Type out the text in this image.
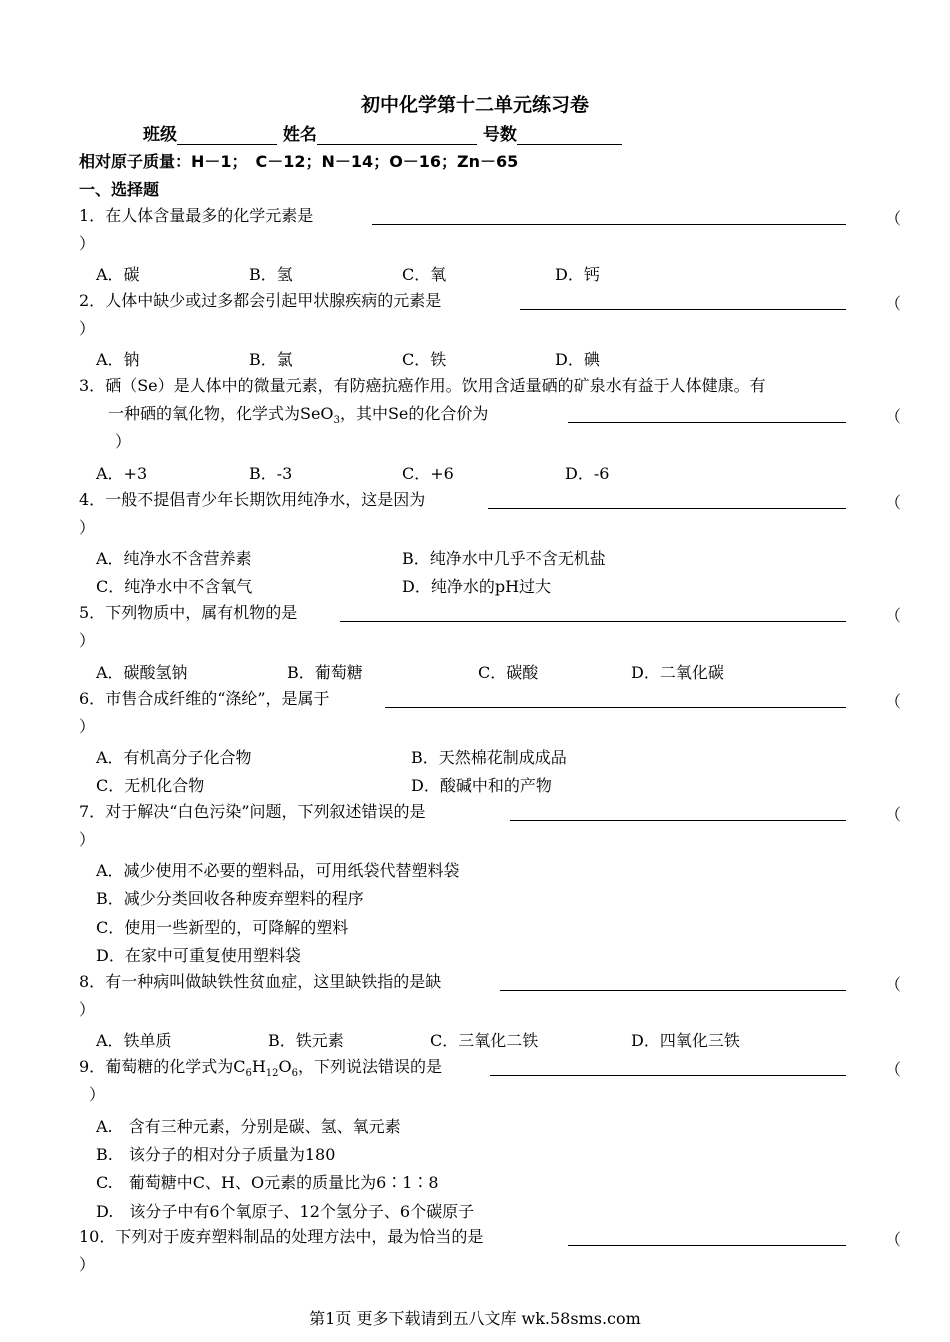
初中化学第十二单元练习卷
班级	姓名	号数
相对原子质量：H－1；　C－12；N－14；O－16；Zn－65
一、选择题
1．在人体含量最多的化学元素是	（
）
A．碳	B．氢	C．氧	D．钙
2．人体中缺少或过多都会引起甲状腺疾病的元素是	（
）
A．钠	B．氯	C．铁	D．碘
3．硒（Se）是人体中的微量元素，有防癌抗癌作用。饮用含适量硒的矿泉水有益于人体健康。有
一种硒的氧化物，化学式为SeO$_3$，其中Se的化合价为	（
）
A．+3	B．-3	C．+6	D．-6
4．一般不提倡青少年长期饮用纯净水，这是因为	（
）
A．纯净水不含营养素	B．纯净水中几乎不含无机盐
C．纯净水中不含氧气	D．纯净水的pH过大
5．下列物质中，属有机物的是	（
）
A．碳酸氢钠	B．葡萄糖	C．碳酸	D．二氧化碳
6．市售合成纤维的“涤纶”，是属于	（
）
A．有机高分子化合物	B．天然棉花制成成品
C．无机化合物	D．酸碱中和的产物
7．对于解决“白色污染”问题，下列叙述错误的是	（
）
A．减少使用不必要的塑料品，可用纸袋代替塑料袋
B．减少分类回收各种废弃塑料的程序
C．使用一些新型的，可降解的塑料
D．在家中可重复使用塑料袋
8．有一种病叫做缺铁性贫血症，这里缺铁指的是缺	（
）
A．铁单质	B．铁元素	C．三氧化二铁	D．四氧化三铁
9．葡萄糖的化学式为$C_6H_{12}O_6$，下列说法错误的是	（
）
A.　含有三种元素，分别是碳、氢、氧元素
B.　该分子的相对分子质量为180
C.　葡萄糖中C、H、O元素的质量比为6∶1∶8
D.　该分子中有6个氧原子、12个氢分子、6个碳原子
10．下列对于废弃塑料制品的处理方法中，最为恰当的是	（
）
第1页 更多下载请到五八文库 wk.58sms.com
